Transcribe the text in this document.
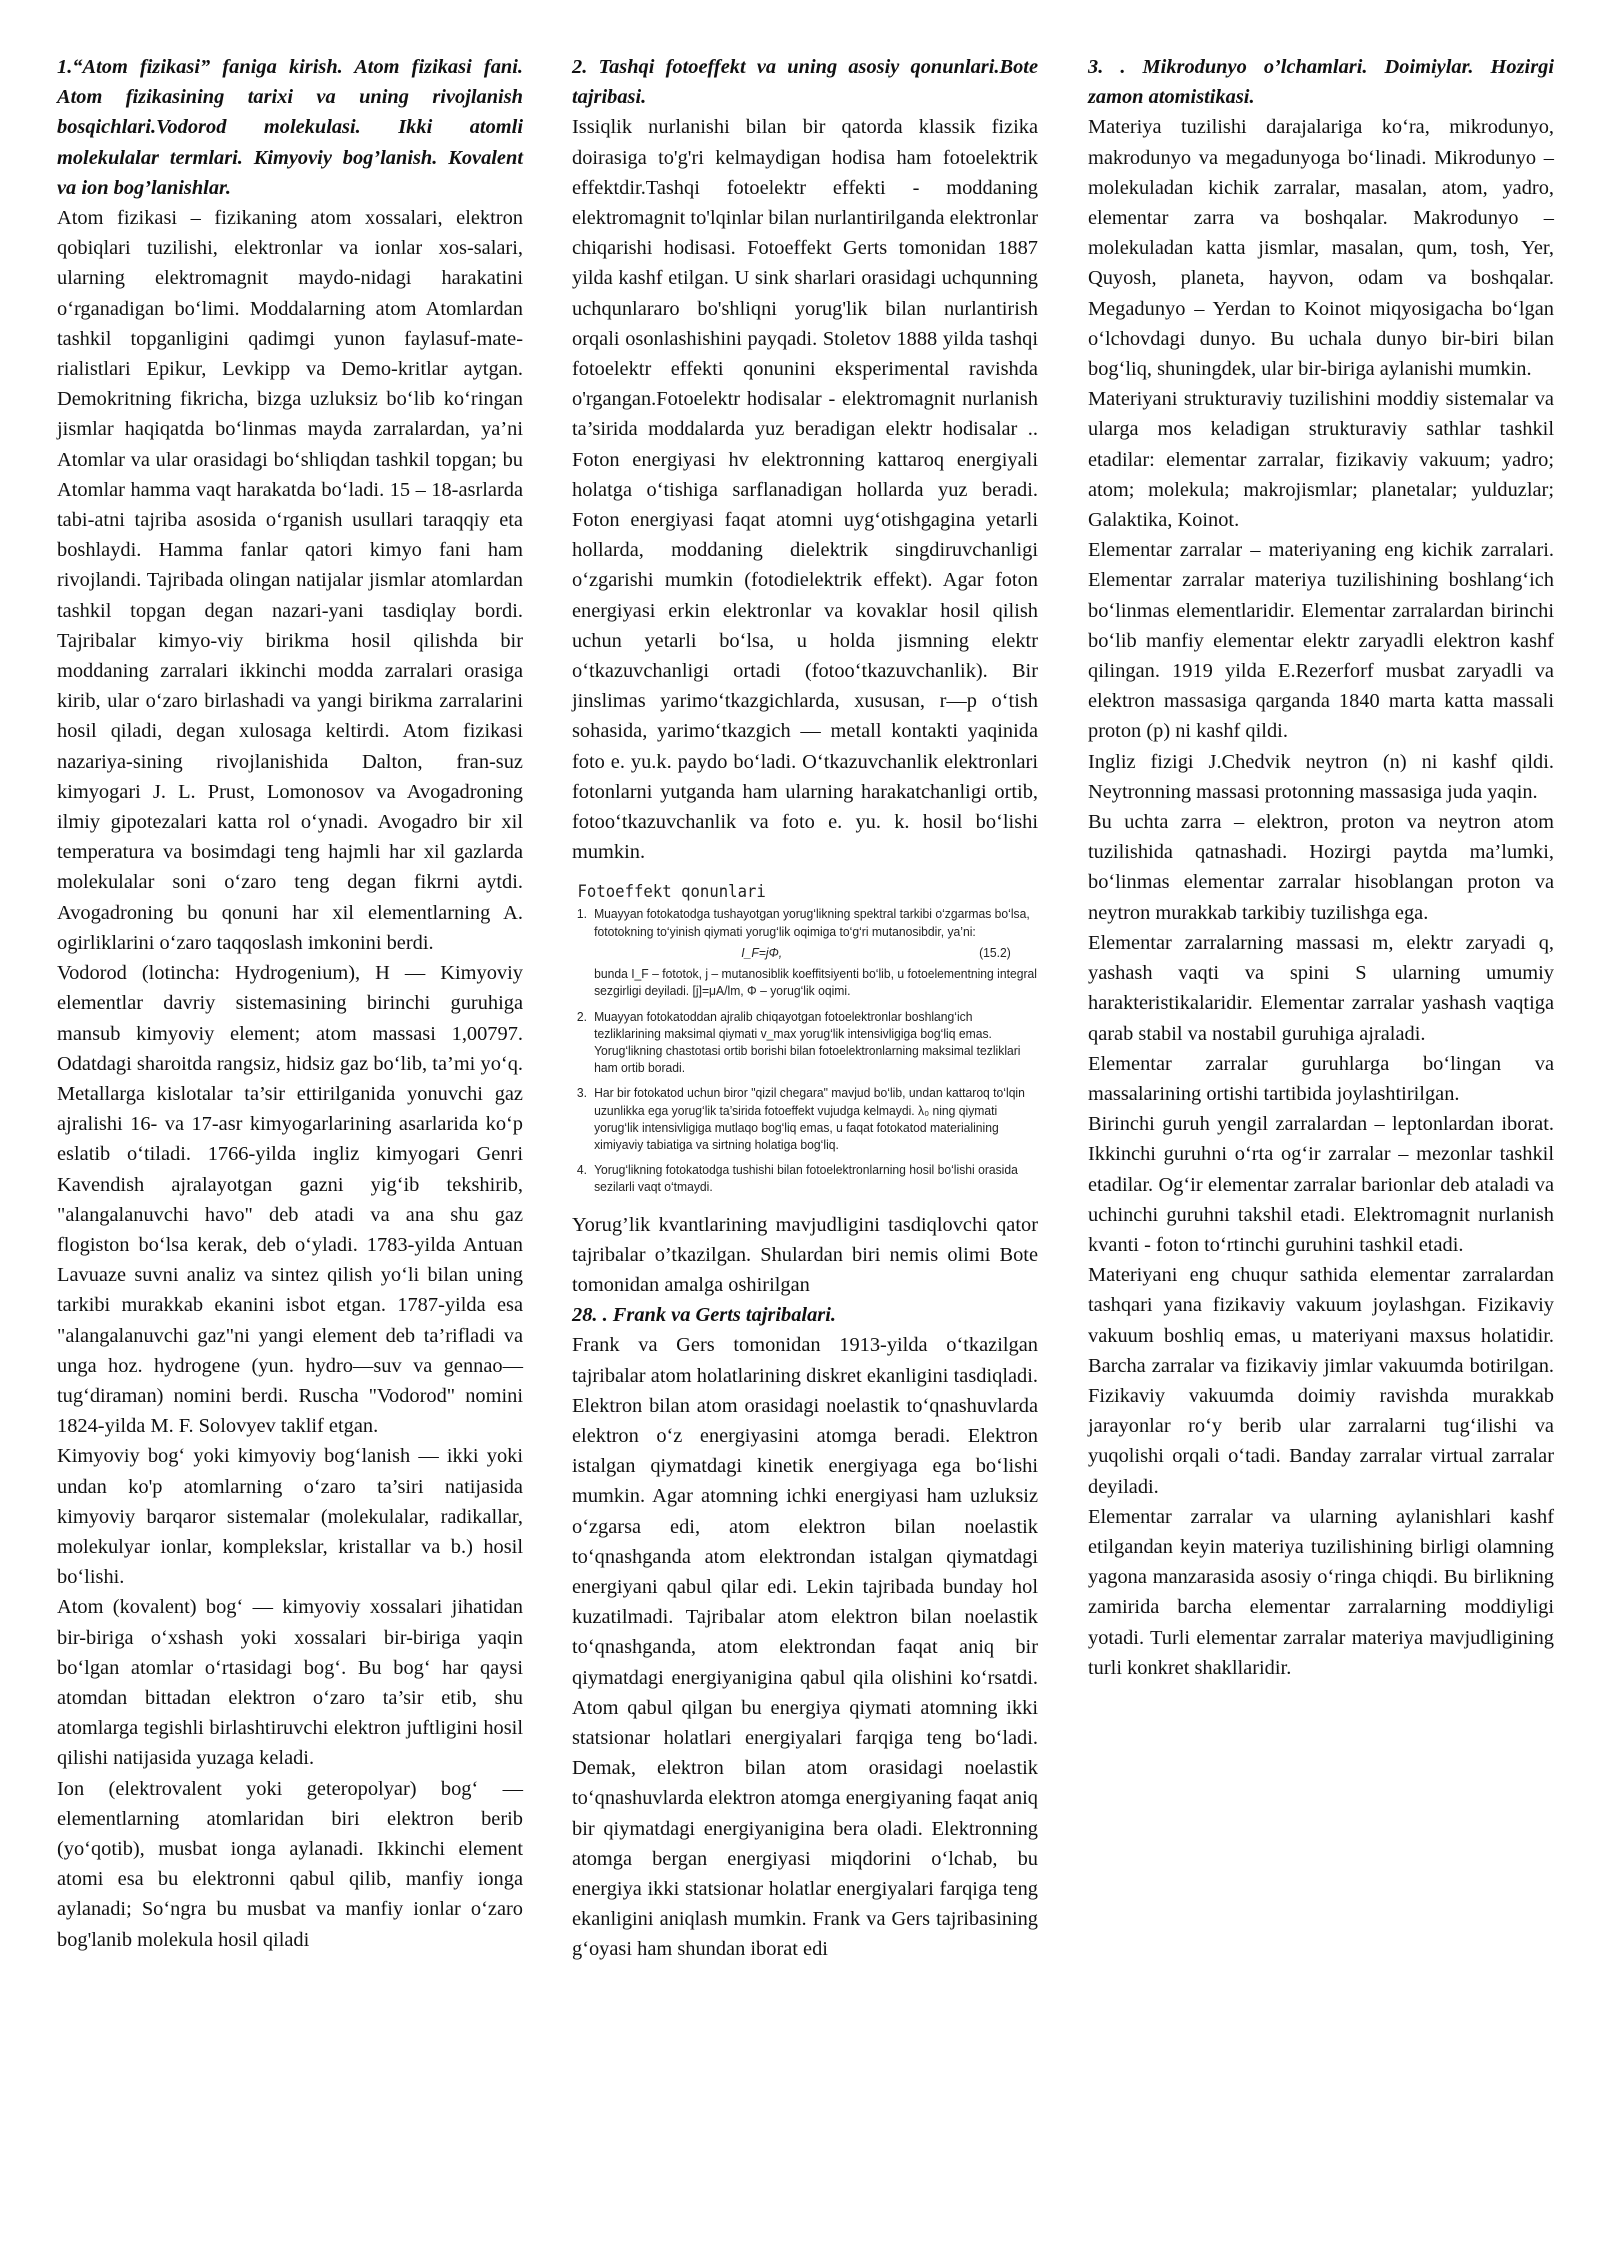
1.“Atom fizikasi” faniga kirish. Atom fizikasi fani. Atom fizikasining tarixi va uning rivojlanish bosqichlari.Vodorod molekulasi. Ikki atomli molekulalar termlari. Kimyoviy bog’lanish. Kovalent va ion bog’lanishlar.

Atom fizikasi – fizikaning atom xossalari, elektron qobiqlari tuzilishi, elektronlar va ionlar xos-salari, ularning elektromagnit maydo-nidagi harakatini o‘rganadigan bo‘limi. Moddalarning atom Atomlardan tashkil topganligini qadimgi yunon faylasuf-mate-rialistlari Epikur, Levkipp va Demo-kritlar aytgan. Demokritning fikricha, bizga uzluksiz bo‘lib ko‘ringan jismlar haqiqatda bo‘linmas mayda zarralardan, ya’ni Atomlar va ular orasidagi bo‘shliqdan tashkil topgan; bu Atomlar hamma vaqt harakatda bo‘ladi. 15 – 18-asrlarda tabi-atni tajriba asosida o‘rganish usullari taraqqiy eta boshlaydi. Hamma fanlar qatori kimyo fani ham rivojlandi. Tajribada olingan natijalar jismlar atomlardan tashkil topgan degan nazari-yani tasdiqlay bordi. Tajribalar kimyo-viy birikma hosil qilishda bir moddaning zarralari ikkinchi modda zarralari orasiga kirib, ular o‘zaro birlashadi va yangi birikma zarralarini hosil qiladi, degan xulosaga keltirdi. Atom fizikasi nazariya-sining rivojlanishida Dalton, fran-suz kimyogari J. L. Prust, Lomonosov va Avogadroning ilmiy gipotezalari katta rol o‘ynadi. Avogadro bir xil temperatura va bosimdagi teng hajmli har xil gazlarda molekulalar soni o‘zaro teng degan fikrni aytdi. Avogadroning bu qonuni har xil elementlarning A. ogirliklarini o‘zaro taqqoslash imkonini berdi.

Vodorod (lotincha: Hydrogenium), H — Kimyoviy elementlar davriy sistemasining birinchi guruhiga mansub kimyoviy element; atom massasi 1,00797. Odatdagi sharoitda rangsiz, hidsiz gaz bo‘lib, ta’mi yo‘q. Metallarga kislotalar ta’sir ettirilganida yonuvchi gaz ajralishi 16- va 17-asr kimyogarlarining asarlarida ko‘p eslatib o‘tiladi. 1766-yilda ingliz kimyogari Genri Kavendish ajralayotgan gazni yig‘ib tekshirib, "alangalanuvchi havo" deb atadi va ana shu gaz flogiston bo‘lsa kerak, deb o‘yladi. 1783-yilda Antuan Lavuaze suvni analiz va sintez qilish yo‘li bilan uning tarkibi murakkab ekanini isbot etgan. 1787-yilda esa "alangalanuvchi gaz"ni yangi element deb ta’rifladi va unga hoz. hydrogene (yun. hydro—suv va gennao—tug‘diraman) nomini berdi. Ruscha "Vodorod" nomini 1824-yilda M. F. Solovyev taklif etgan.

Kimyoviy bog‘ yoki kimyoviy bog‘lanish — ikki yoki undan ko'p atomlarning o‘zaro ta’siri natijasida kimyoviy barqaror sistemalar (molekulalar, radikallar, molekulyar ionlar, komplekslar, kristallar va b.) hosil bo‘lishi.

Atom (kovalent) bog‘ — kimyoviy xossalari jihatidan bir-biriga o‘xshash yoki xossalari bir-biriga yaqin bo‘lgan atomlar o‘rtasidagi bog‘. Bu bog‘ har qaysi atomdan bittadan elektron o‘zaro ta’sir etib, shu atomlarga tegishli birlashtiruvchi elektron juftligini hosil qilishi natijasida yuzaga keladi.

Ion (elektrovalent yoki geteropolyar) bog‘ — elementlarning atomlaridan biri elektron berib (yo‘qotib), musbat ionga aylanadi. Ikkinchi element atomi esa bu elektronni qabul qilib, manfiy ionga aylanadi; So‘ngra bu musbat va manfiy ionlar o‘zaro bog'lanib molekula hosil qiladi

2. Tashqi fotoeffekt va uning asosiy qonunlari.Bote tajribasi.

Issiqlik nurlanishi bilan bir qatorda klassik fizika doirasiga to'g'ri kelmaydigan hodisa ham fotoelektrik effektdir.Tashqi fotoelektr effekti - moddaning elektromagnit to'lqinlar bilan nurlantirilganda elektronlar chiqarishi hodisasi. Fotoeffekt Gerts tomonidan 1887 yilda kashf etilgan. U sink sharlari orasidagi uchqunning uchqunlararo bo'shliqni yorug'lik bilan nurlantirish orqali osonlashishini payqadi. Stoletov 1888 yilda tashqi fotoelektr effekti qonunini eksperimental ravishda o'rgangan.Fotoelektr hodisalar - elektromagnit nurlanish ta’sirida moddalarda yuz beradigan elektr hodisalar .. Foton energiyasi hv elektronning kattaroq energiyali holatga o‘tishiga sarflanadigan hollarda yuz beradi. Foton energiyasi faqat atomni uyg‘otishgagina yetarli hollarda, moddaning dielektrik singdiruvchanligi o‘zgarishi mumkin (fotodielektrik effekt). Agar foton energiyasi erkin elektronlar va kovaklar hosil qilish uchun yetarli bo‘lsa, u holda jismning elektr o‘tkazuvchanligi ortadi (fotoo‘tkazuvchanlik). Bir jinslimas yarimo‘tkazgichlarda, xususan, r—p o‘tish sohasida, yarimo‘tkazgich — metall kontakti yaqinida foto e. yu.k. paydo bo‘ladi. O‘tkazuvchanlik elektronlari fotonlarni yutganda ham ularning harakatchanligi ortib, fotoo‘tkazuvchanlik va foto e. yu. k. hosil bo‘lishi mumkin.

Fotoeffekt qonunlari
1. Muayyan fotokatodga tushayotgan yorug‘likning spektral tarkibi o‘zgarmas bo‘lsa, fototokning to‘yinish qiymati yorug‘lik oqimiga to‘g‘ri mutanosibdir, ya’ni:
I_F=jΦ,	(15.2)
bunda I_F – fototok, j – mutanosiblik koeffitsiyenti bo‘lib, u fotoelementning integral sezgirligi deyiladi. [j]=μA/lm, Φ – yorug‘lik oqimi.
2. Muayyan fotokatoddan ajralib chiqayotgan fotoelektronlar boshlang‘ich tezliklarining maksimal qiymati v_max yorug‘lik intensivligiga bog‘liq emas. Yorug‘likning chastotasi ortib borishi bilan fotoelektronlarning maksimal tezliklari ham ortib boradi.
3. Har bir fotokatod uchun biror "qizil chegara" mavjud bo‘lib, undan kattaroq to‘lqin uzunlikka ega yorug‘lik ta’sirida fotoeffekt vujudga kelmaydi. λ₀ ning qiymati yorug‘lik intensivligiga mutlaqo bog‘liq emas, u faqat fotokatod materialining ximiyaviy tabiatiga va sirtning holatiga bog‘liq.
4. Yorug‘likning fotokatodga tushishi bilan fotoelektronlarning hosil bo‘lishi orasida sezilarli vaqt o‘tmaydi.

Yorug’lik kvantlarining mavjudligini tasdiqlovchi qator tajribalar o’tkazilgan. Shulardan biri nemis olimi Bote tomonidan amalga oshirilgan

28. . Frank va Gerts tajribalari.

Frank va Gers tomonidan 1913-yilda o‘tkazilgan tajribalar atom holatlarining diskret ekanligini tasdiqladi. Elektron bilan atom orasidagi noelastik to‘qnashuvlarda elektron o‘z energiyasini atomga beradi. Elektron istalgan qiymatdagi kinetik energiyaga ega bo‘lishi mumkin. Agar atomning ichki energiyasi ham uzluksiz o‘zgarsa edi, atom elektron bilan noelastik to‘qnashganda atom elektrondan istalgan qiymatdagi energiyani qabul qilar edi. Lekin tajribada bunday hol kuzatilmadi. Tajribalar atom elektron bilan noelastik to‘qnashganda, atom elektrondan faqat aniq bir qiymatdagi energiyanigina qabul qila olishini ko‘rsatdi. Atom qabul qilgan bu energiya qiymati atomning ikki statsionar holatlari energiyalari farqiga teng bo‘ladi. Demak, elektron bilan atom orasidagi noelastik to‘qnashuvlarda elektron atomga energiyaning faqat aniq bir qiymatdagi energiyanigina bera oladi. Elektronning atomga bergan energiyasi miqdorini o‘lchab, bu energiya ikki statsionar holatlar energiyalari farqiga teng ekanligini aniqlash mumkin. Frank va Gers tajribasining g‘oyasi ham shundan iborat edi

3. . Mikrodunyo o’lchamlari. Doimiylar. Hozirgi zamon atomistikasi.

Materiya tuzilishi darajalariga ko‘ra, mikrodunyo, makrodunyo va megadunyoga bo‘linadi. Mikrodunyo – molekuladan kichik zarralar, masalan, atom, yadro, elementar zarra va boshqalar. Makrodunyo – molekuladan katta jismlar, masalan, qum, tosh, Yer, Quyosh, planeta, hayvon, odam va boshqalar. Megadunyo – Yerdan to Koinot miqyosigacha bo‘lgan o‘lchovdagi dunyo. Bu uchala dunyo bir-biri bilan bog‘liq, shuningdek, ular bir-biriga aylanishi mumkin.

Materiyani strukturaviy tuzilishini moddiy sistemalar va ularga mos keladigan strukturaviy sathlar tashkil etadilar: elementar zarralar, fizikaviy vakuum; yadro; atom; molekula; makrojismlar; planetalar; yulduzlar; Galaktika, Koinot.

Elementar zarralar – materiyaning eng kichik zarralari. Elementar zarralar materiya tuzilishining boshlang‘ich bo‘linmas elementlaridir. Elementar zarralardan birinchi bo‘lib manfiy elementar elektr zaryadli elektron kashf qilingan. 1919 yilda E.Rezerforf musbat zaryadli va elektron massasiga qarganda 1840 marta katta massali proton (p) ni kashf qildi.

Ingliz fizigi J.Chedvik neytron (n) ni kashf qildi. Neytronning massasi protonning massasiga juda yaqin.

Bu uchta zarra – elektron, proton va neytron atom tuzilishida qatnashadi. Hozirgi paytda ma’lumki, bo‘linmas elementar zarralar hisoblangan proton va neytron murakkab tarkibiy tuzilishga ega.

Elementar zarralarning massasi m, elektr zaryadi q, yashash vaqti va spini S ularning umumiy harakteristikalaridir. Elementar zarralar yashash vaqtiga qarab stabil va nostabil guruhiga ajraladi.

Elementar zarralar guruhlarga bo‘lingan va massalarining ortishi tartibida joylashtirilgan.

Birinchi guruh yengil zarralardan – leptonlardan iborat. Ikkinchi guruhni o‘rta og‘ir zarralar – mezonlar tashkil etadilar. Og‘ir elementar zarralar barionlar deb ataladi va uchinchi guruhni takshil etadi. Elektromagnit nurlanish kvanti - foton to‘rtinchi guruhini tashkil etadi.

Materiyani eng chuqur sathida elementar zarralardan tashqari yana fizikaviy vakuum joylashgan. Fizikaviy vakuum boshliq emas, u materiyani maxsus holatidir. Barcha zarralar va fizikaviy jimlar vakuumda botirilgan. Fizikaviy vakuumda doimiy ravishda murakkab jarayonlar ro‘y berib ular zarralarni tug‘ilishi va yuqolishi orqali o‘tadi. Banday zarralar virtual zarralar deyiladi.

Elementar zarralar va ularning aylanishlari kashf etilgandan keyin materiya tuzilishining birligi olamning yagona manzarasida asosiy o‘ringa chiqdi. Bu birlikning zamirida barcha elementar zarralarning moddiyligi yotadi. Turli elementar zarralar materiya mavjudligining turli konkret shakllaridir.
